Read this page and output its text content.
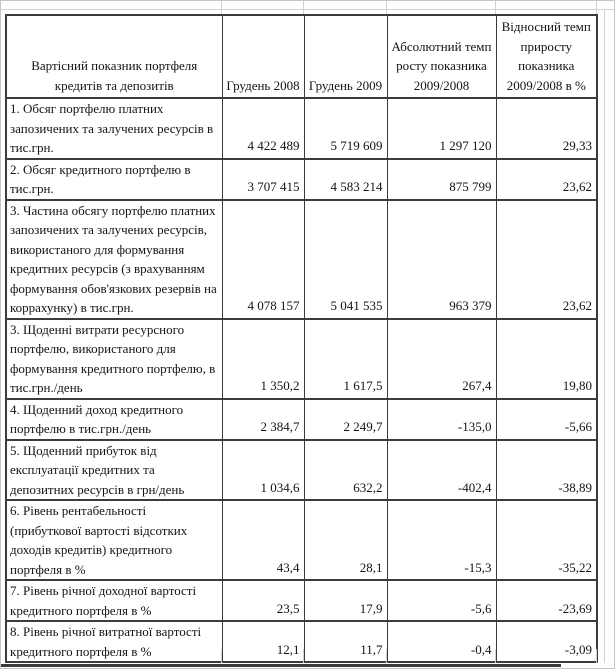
Вартісний показник портфеля кредитів та депозитів	Грудень 2008	Грудень 2009	Абсолютний темп росту показника 2009/2008	Відносний темп приросту показника 2009/2008 в %
1. Обсяг портфелю платних запозичених та залучених ресурсів в тис.грн.	4 422 489	5 719 609	1 297 120	29,33
2. Обсяг кредитного портфелю в тис.грн.	3 707 415	4 583 214	875 799	23,62
3. Частина обсягу портфелю платних запозичених та залучених ресурсів, використаного для формування кредитних ресурсів (з врахуванням формування обов'язкових резервів на коррахунку) в тис.грн.	4 078 157	5 041 535	963 379	23,62
3. Щоденні витрати ресурсного портфелю, використаного для формування кредитного портфелю, в тис.грн./день	1 350,2	1 617,5	267,4	19,80
4. Щоденний доход кредитного портфелю в тис.грн./день	2 384,7	2 249,7	-135,0	-5,66
5. Щоденний прибуток від експлуатації кредитних та депозитних ресурсів в грн/день	1 034,6	632,2	-402,4	-38,89
6. Рівень рентабельності (прибуткової вартості відсотких доходів кредитів) кредитного портфеля в %	43,4	28,1	-15,3	-35,22
7. Рівень річної доходної вартості кредитного портфеля в %	23,5	17,9	-5,6	-23,69
8. Рівень річної витратної вартості кредитного портфеля в %	12,1	11,7	-0,4	-3,09
